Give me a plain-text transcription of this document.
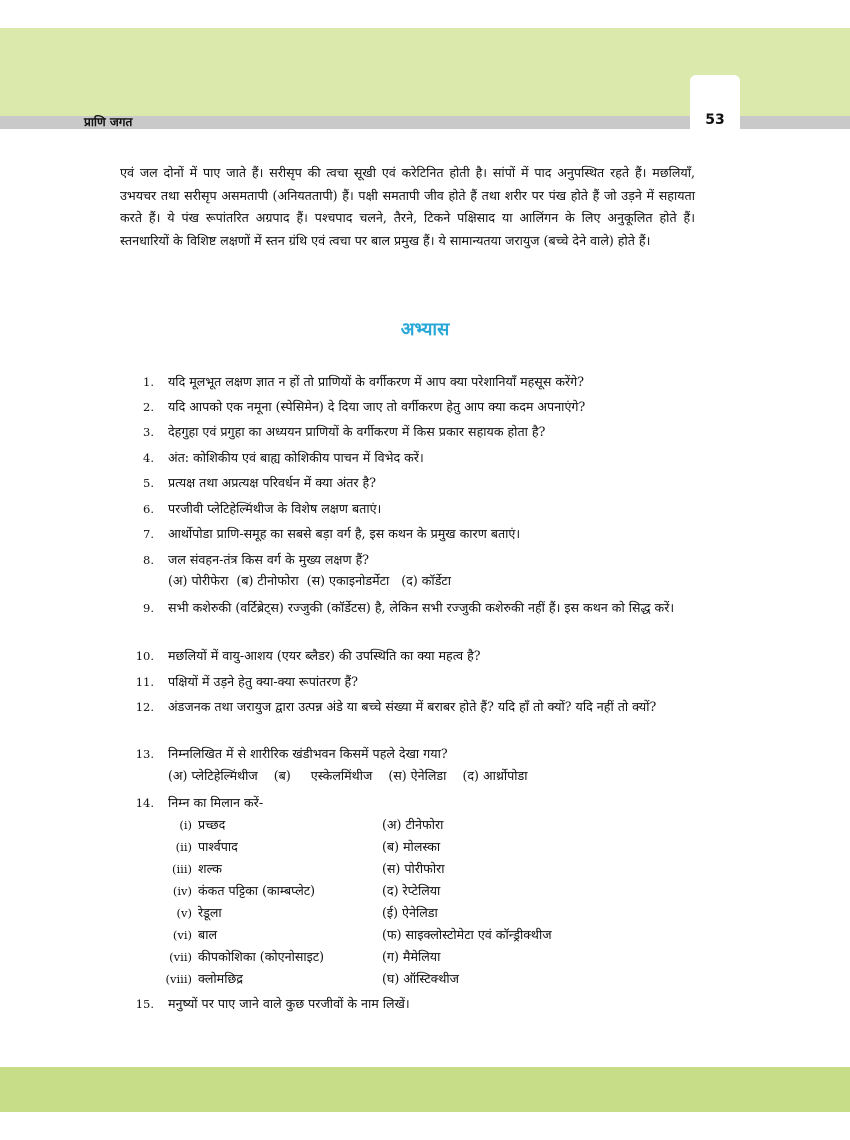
प्राणि जगत	53

एवं जल दोनों में पाए जाते हैं। सरीसृप की त्वचा सूखी एवं करेटिनित होती है। सांपों में पाद अनुपस्थित रहते हैं। मछलियाँ, उभयचर तथा सरीसृप असमतापी (अनियततापी) हैं। पक्षी समतापी जीव होते हैं तथा शरीर पर पंख होते हैं जो उड़ने में सहायता करते हैं। ये पंख रूपांतरित अग्रपाद हैं। पश्चपाद चलने, तैरने, टिकने पक्षिसाद या आलिंगन के लिए अनुकूलित होते हैं। स्तनधारियों के विशिष्ट लक्षणों में स्तन ग्रंथि एवं त्वचा पर बाल प्रमुख हैं। ये सामान्यतया जरायुज (बच्चे देने वाले) होते हैं।

अभ्यास
1. यदि मूलभूत लक्षण ज्ञात न हों तो प्राणियों के वर्गीकरण में आप क्या परेशानियाँ महसूस करेंगे?
2. यदि आपको एक नमूना (स्पेसिमेन) दे दिया जाए तो वर्गीकरण हेतु आप क्या कदम अपनाएंगे?
3. देहगुहा एवं प्रगुहा का अध्ययन प्राणियों के वर्गीकरण में किस प्रकार सहायक होता है?
4. अंत: कोशिकीय एवं बाह्य कोशिकीय पाचन में विभेद करें।
5. प्रत्यक्ष तथा अप्रत्यक्ष परिवर्धन में क्या अंतर है?
6. परजीवी प्लेटिहेल्मिंथीज के विशेष लक्षण बताएं।
7. आर्थोपोडा प्राणि-समूह का सबसे बड़ा वर्ग है, इस कथन के प्रमुख कारण बताएं।
8. जल संवहन-तंत्र किस वर्ग के मुख्य लक्षण हैं?
(अ) पोरीफेरा  (ब) टीनोफोरा  (स) एकाइनोडर्मेटा   (द) कॉर्डेटा
9. सभी कशेरुकी (वर्टिब्रेट्स) रज्जुकी (कॉर्डेटस) है, लेकिन सभी रज्जुकी कशेरुकी नहीं हैं। इस कथन को सिद्ध करें।
10. मछलियों में वायु-आशय (एयर ब्लैडर) की उपस्थिति का क्या महत्व है?
11. पक्षियों में उड़ने हेतु क्या-क्या रूपांतरण हैं?
12. अंडजनक तथा जरायुज द्वारा उत्पन्न अंडे या बच्चे संख्या में बराबर होते हैं? यदि हाँ तो क्यों? यदि नहीं तो क्यों?
13. निम्नलिखित में से शारीरिक खंडीभवन किसमें पहले देखा गया?
(अ) प्लेटिहेल्मिंथीज    (ब)     एस्केलमिंथीज    (स) ऐनेलिडा    (द) आर्थ्रोपोडा
14. निम्न का मिलान करें-
(i) प्रच्छद	(अ) टीनेफोरा
(ii) पार्श्वपाद	(ब) मोलस्का
(iii) शल्क	(स) पोरीफोरा
(iv) कंकत पट्टिका (काम्बप्लेट)	(द) रेप्टेलिया
(v) रेडूला	(ई) ऐनेलिडा
(vi) बाल	(फ) साइक्लोस्टोमेटा एवं कॉन्ड्रीक्थीज
(vii) कीपकोशिका (कोएनोसाइट)	(ग) मैमेलिया
(viii) क्लोमछिद्र	(घ) ऑस्टिक्थीज
15. मनुष्यों पर पाए जाने वाले कुछ परजीवों के नाम लिखें।
